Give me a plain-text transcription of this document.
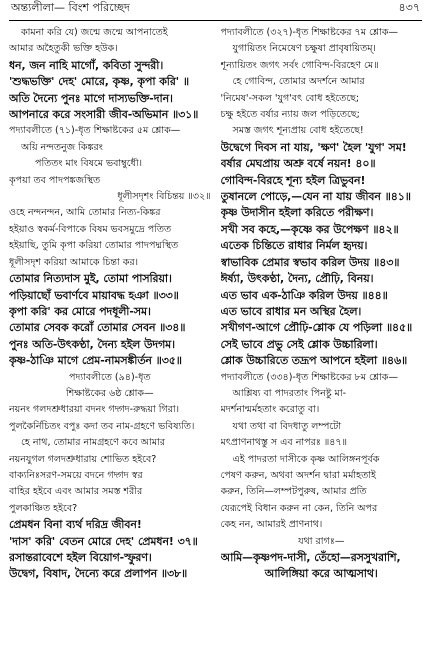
অন্ত্যলীলা— বিংশ পরিচ্ছেদ	৪৩৭
কামনা করি যে) জন্মে জন্মে আপনাতেই
আমার অহৈতুকী ভক্তি হউক।
ধন, জন নাহি মাগোঁ, কবিতা সুন্দরী।
'শুদ্ধভক্তি' দেহ' মোরে, কৃষ্ণ, কৃপা করি' ॥
অতি দৈন্যে পুনঃ মাগে দাস্যভক্তি-দান।
আপনারে করে সংসারী জীব-অভিমান ॥৩১॥
পদ্যাবলীতে (৭১)-ধৃত শিক্ষাষ্টকের ৫ম শ্লোক—
অয়ি নন্দতনুজ কিঙ্করং
পতিতং মাং বিষমে ভবাম্বুধৌ।
কৃপয়া তব পাদপঙ্কজস্থিত
ধূলীসদৃশং বিচিন্তয় ॥৩২॥
ওহে নন্দনন্দন, আমি তোমার নিত্য-কিঙ্কর
হইয়াও স্বকর্ম-বিপাকে বিষম ভবসমুদ্রে পতিত
হইয়াছি, তুমি কৃপা করিয়া তোমার পাদপদ্মস্থিত
ধূলীসদৃশ করিয়া আমাকে চিন্তা কর।
তোমার নিত্যদাস মুই, তোমা পাসরিয়া।
পড়িয়াছোঁ ভবার্ণবে মায়াবদ্ধ হঞা ॥৩৩॥
কৃপা করি' কর মোরে পদধূলী-সম।
তোমার সেবক করোঁ তোমার সেবন ॥৩৪॥
পুনঃ অতি-উৎকণ্ঠা, দৈন্য হইল উদগম।
কৃষ্ণ-ঠাঞি মাগে প্রেম-নামসঙ্কীর্তন ॥৩৫॥
পদ্যাবলীতে (৯৪)-ধৃত
শিক্ষাষ্টকের ৬ষ্ঠ শ্লোক—
নয়নং গলদশ্রুধারয়া বদনং গদ্গদ-রুদ্ধয়া গিরা।
পুলকৈর্নিচিতং বপুঃ কদা তব নাম-গ্রহণে ভবিষ্যতি।
হে নাথ, তোমার নামগ্রহণে কবে আমার
নয়নযুগল গলদশ্রুধারায় শোভিত হইবে?
বাক্যনিঃসরণ-সময়ে বদনে গদ্গদ স্বর
বাহির হইবে এবং আমার সমস্ত শরীর
পুলকাঞ্চিত হইবে?
প্রেমধন বিনা ব্যর্থ দরিদ্র জীবন!
'দাস' করি' বেতন মোরে দেহ' প্রেমধন! ৩৭॥
রসান্তরাবেশে হইল বিয়োগ-স্ফুরণ।
উদ্বেগ, বিষাদ, দৈন্যে করে প্রলাপন ॥৩৮॥
পদ্যাবলীতে (৩২৭)-ধৃত শিক্ষাষ্টকের ৭ম শ্লোক—
যুগায়িতং নিমেষেণ চক্ষুষা প্রাবৃষায়িতম্।
শূন্যায়িতং জগৎ সর্বং গোবিন্দ-বিরহেণ মে॥
হে গোবিন্দ, তোমার অদর্শনে আমার
'নিমেষ'-সকল 'যুগ'বৎ বোধ হইতেছে;
চক্ষু হইতে বর্ষার ন্যায় জল পড়িতেছে;
সমস্ত জগৎ শূন্যপ্রায় বোধ হইতেছে!
উদ্বেগে দিবস না যায়, 'ক্ষণ' হৈল 'যুগ' সম!
বর্ষার মেঘপ্রায় অশ্রু বর্ষে নয়ন! ৪০॥
গোবিন্দ-বিরহে শূন্য হইল ত্রিভুবন!
তুষানলে পোড়ে,—যেন না যায় জীবন ॥৪১॥
কৃষ্ণ উদাসীন হইলা করিতে পরীক্ষণ।
সখী সব কহে,—কৃষ্ণে কর উপেক্ষণ ॥৪২॥
এতেক চিন্তিতে রাধার নির্মল হৃদয়।
স্বাভাবিক প্রেমার স্বভাব করিল উদয় ॥৪৩॥
ঈর্ষ্যা, উৎকণ্ঠা, দৈন্য, প্রৌঢ়ি, বিনয়।
এত ভাব এক-ঠাঞি করিল উদয় ॥৪৪॥
এত ভাবে রাধার মন অস্থির হৈল।
সখীগণ-আগে প্রৌঢ়ি-শ্লোক যে পড়িলা ॥৪৫॥
সেই ভাবে প্রভু সেই শ্লোক উচ্চারিলা।
শ্লোক উচ্চারিতে তদ্রূপ আপনে হইলা ॥৪৬॥
পদ্যাবলীতে (৩৩৪)-ধৃত শিক্ষাষ্টকের ৮ম শ্লোক—
আশ্লিষ্য বা পাদরতাং পিনষ্টু মা-
মদর্শনান্মর্মহতাং করোতু বা।
যথা তথা বা বিদধাতু লম্পটো
মৎপ্রাণনাথস্তু স এব নাপরঃ ॥৪৭॥
এই পাদরতা দাসীকে কৃষ্ণ আলিঙ্গনপূর্বক
পেষণ করুন, অথবা অদর্শন দ্বারা মর্মাহতাই
করুন, তিনি—লম্পটপুরুষ, আমার প্রতি
যেরূপেই বিধান করুন না কেন, তিনি অপর
কেহ নন, আমারই প্রাণনাথ।
যথা রাগঃ—
আমি—কৃষ্ণপদ-দাসী, তেঁহো—রসসুখরাশি,
আলিঙ্গিয়া করে আত্মসাথ।
